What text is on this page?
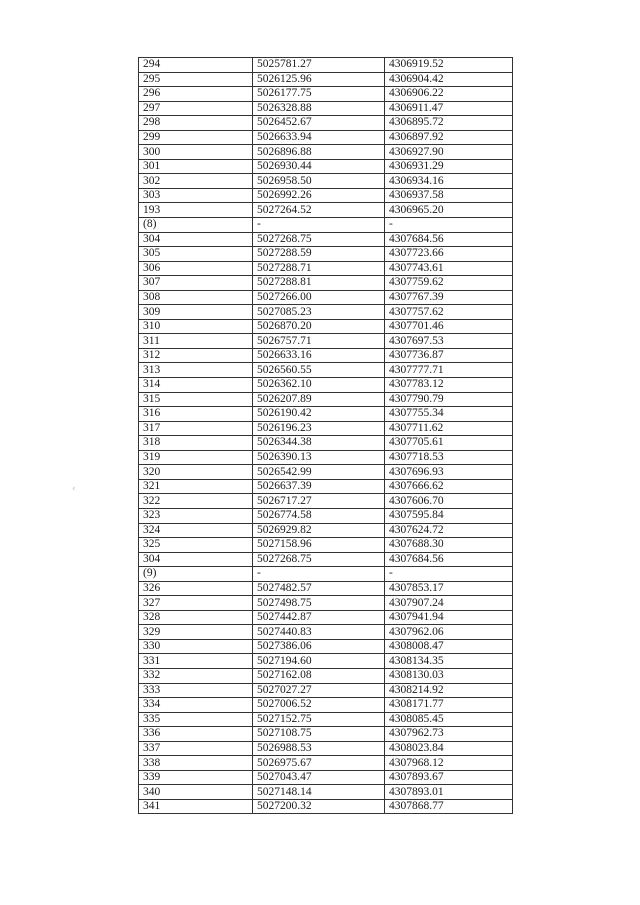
‹
294	5025781.27	4306919.52
295	5026125.96	4306904.42
296	5026177.75	4306906.22
297	5026328.88	4306911.47
298	5026452.67	4306895.72
299	5026633.94	4306897.92
300	5026896.88	4306927.90
301	5026930.44	4306931.29
302	5026958.50	4306934.16
303	5026992.26	4306937.58
193	5027264.52	4306965.20
(8)	-	-
304	5027268.75	4307684.56
305	5027288.59	4307723.66
306	5027288.71	4307743.61
307	5027288.81	4307759.62
308	5027266.00	4307767.39
309	5027085.23	4307757.62
310	5026870.20	4307701.46
311	5026757.71	4307697.53
312	5026633.16	4307736.87
313	5026560.55	4307777.71
314	5026362.10	4307783.12
315	5026207.89	4307790.79
316	5026190.42	4307755.34
317	5026196.23	4307711.62
318	5026344.38	4307705.61
319	5026390.13	4307718.53
320	5026542.99	4307696.93
321	5026637.39	4307666.62
322	5026717.27	4307606.70
323	5026774.58	4307595.84
324	5026929.82	4307624.72
325	5027158.96	4307688.30
304	5027268.75	4307684.56
(9)	-	-
326	5027482.57	4307853.17
327	5027498.75	4307907.24
328	5027442.87	4307941.94
329	5027440.83	4307962.06
330	5027386.06	4308008.47
331	5027194.60	4308134.35
332	5027162.08	4308130.03
333	5027027.27	4308214.92
334	5027006.52	4308171.77
335	5027152.75	4308085.45
336	5027108.75	4307962.73
337	5026988.53	4308023.84
338	5026975.67	4307968.12
339	5027043.47	4307893.67
340	5027148.14	4307893.01
341	5027200.32	4307868.77
